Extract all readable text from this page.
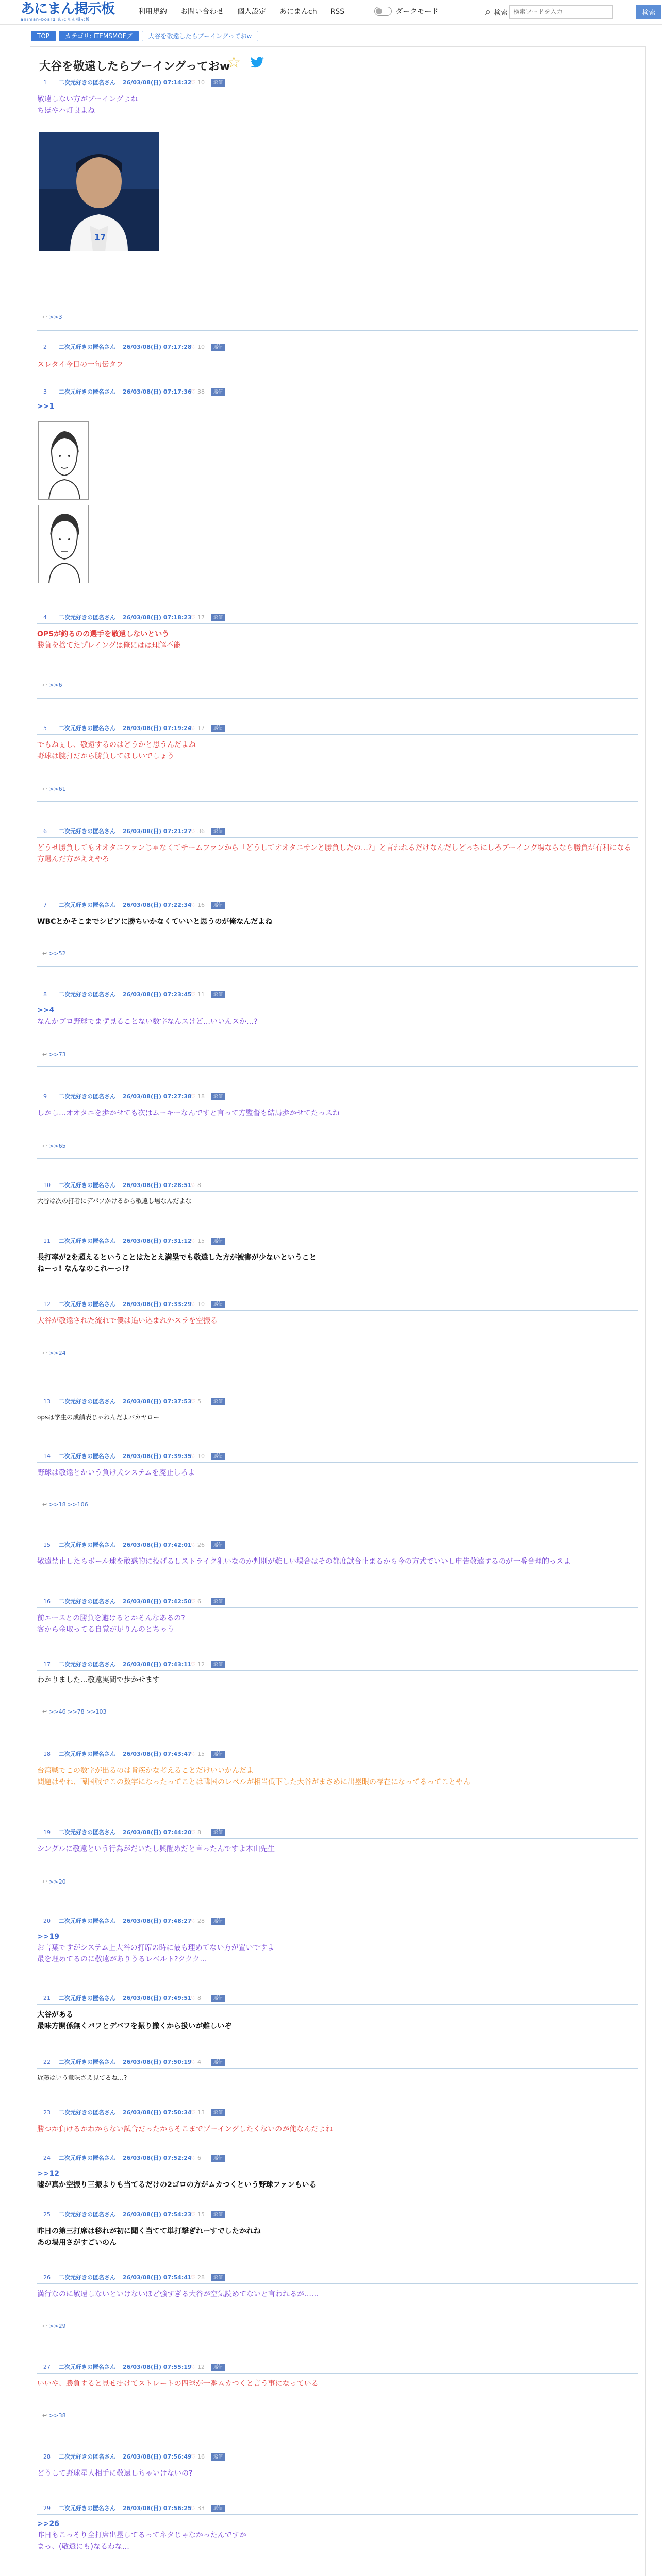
あにまん掲示板
animan-board あにまん掲示板
利用規約 お問い合わせ 個人設定 あにまんch RSS	ダークモード	⌕ 検索
検索ワードを入力	検索
TOP	カテゴリ: ITEMSMOFブ	大谷を敬遠したらブーイングっておw
大谷を敬遠したらブーイングっておw
☆
1 二次元好きの匿名さん 26/03/08(日) 07:14:32
♡ 10	返信
敬遠しない方がブーイングよね
ちほやハ灯良よね
17
↩ >>3
2 二次元好きの匿名さん 26/03/08(日) 07:17:28
♡ 10	返信
スレタイ今日の一句伝タフ
3 二次元好きの匿名さん 26/03/08(日) 07:17:36
♡ 38	返信
>>1
4 二次元好きの匿名さん 26/03/08(日) 07:18:23
♡ 17	返信
OPSが釣るのの選手を敬遠しないという
勝負を捨てたプレイングは俺にはは理解不能
↩ >>6
5 二次元好きの匿名さん 26/03/08(日) 07:19:24
♡ 17	返信
でもねぇし、敬遠するのはどうかと思うんだよね
野球は腕打だから勝負してほしいでしょう
↩ >>61
6 二次元好きの匿名さん 26/03/08(日) 07:21:27
♡ 36	返信
どうせ勝負してもオオタニファンじゃなくてチームファンから「どうしてオオタニサンと勝負したの…?」と言われるだけなんだしどっちにしろブーイング場ならなら勝負が有利になる方選んだ方がええやろ
7 二次元好きの匿名さん 26/03/08(日) 07:22:34
♡ 16	返信
WBCとかそこまでシビアに勝ちいかなくていいと思うのが俺なんだよね
↩ >>52
8 二次元好きの匿名さん 26/03/08(日) 07:23:45
♡ 11	返信
>>4
なんかプロ野球でまず見ることない数字なんスけど…いいんスか…?
↩ >>73
9 二次元好きの匿名さん 26/03/08(日) 07:27:38
♡ 18	返信
しかし…オオタニを歩かせても次はムーキーなんですと言って方監督も結局歩かせてたっスね
↩ >>65
10 二次元好きの匿名さん 26/03/08(日) 07:28:51
♡ 8
大谷は次の打者にデパフかけるから敬遠し場なんだよな
11 二次元好きの匿名さん 26/03/08(日) 07:31:12
♡ 15	返信
長打率が2を超えるということはたとえ満塁でも敬遠した方が被害が少ないということ
ねーっ! なんなのこれーっ!?
12 二次元好きの匿名さん 26/03/08(日) 07:33:29
♡ 10	返信
大谷が敬遠された流れで僕は追い込まれ外スラを空振る
↩ >>24
13 二次元好きの匿名さん 26/03/08(日) 07:37:53
♡ 5	返信
opsは学生の成績表じゃねんだよバカヤロー
14 二次元好きの匿名さん 26/03/08(日) 07:39:35
♡ 10	返信
野球は敬遠とかいう負け犬システムを廃止しろよ
↩ >>18 >>106
15 二次元好きの匿名さん 26/03/08(日) 07:42:01
♡ 26	返信
敬遠禁止したらボール球を敢惑的に投げるしストライク狙いなのか判別が難しい場合はその都度試合止まるから今の方式でいいし申告敬遠するのが一番合理的っスよ
16 二次元好きの匿名さん 26/03/08(日) 07:42:50
♡ 6	返信
前エースとの勝負を避けるとかそんなあるの?
客から金取ってる自覚が足りんのとちゃう
17 二次元好きの匿名さん 26/03/08(日) 07:43:11
♡ 12	返信
わかりました…敬遠実間で歩かせます
↩ >>46 >>78 >>103
18 二次元好きの匿名さん 26/03/08(日) 07:43:47
♡ 15	返信
台湾戦でこの数字が出るのは肯疾かな考えることだけいいかんだよ
問題はやね、韓国戦でこの数字になったってことは韓国のレベルが相当低下した大谷がまさめに出塁眼の存在になってるってことやん
19 二次元好きの匿名さん 26/03/08(日) 07:44:20
♡ 8	返信
シングルに敬遠という行為がだいたし興醒めだと言ったんですよ本山先生
↩ >>20
20 二次元好きの匿名さん 26/03/08(日) 07:48:27
♡ 28	返信
>>19
お言葉ですがシステム上大谷の打席の時に最も理めてない方が置いですよ
最を理めてるのに敬遠がありうるレベルト?ククク…
21 二次元好きの匿名さん 26/03/08(日) 07:49:51
♡ 8	返信
大谷がある
最味方開係無くバフとデバフを振り撒くから扱いが難しいぞ
22 二次元好きの匿名さん 26/03/08(日) 07:50:19
♡ 4	返信
近藤はいう意味さえ見てるね…?
23 二次元好きの匿名さん 26/03/08(日) 07:50:34
♡ 13	返信
勝つか負けるかわからない試合だったからそこまでブーイングしたくないのが俺なんだよね
24 二次元好きの匿名さん 26/03/08(日) 07:52:24
♡ 6	返信
>>12
嘘が真か空振り三振よりも当てるだけの2ゴロの方がムカつくという野球ファンもいる
25 二次元好きの匿名さん 26/03/08(日) 07:54:23
♡ 15	返信
昨日の第三打席は移れが初に聞く当てて単打撃ぎれーすでしたかれね
あの場用さがすごいのん
26 二次元好きの匿名さん 26/03/08(日) 07:54:41
♡ 28	返信
満行なのに敬遠しないといけないほど強すぎる大谷が空気読めてないと言われるが……
↩ >>29
27 二次元好きの匿名さん 26/03/08(日) 07:55:19
♡ 12	返信
いいや、勝負すると見せ掛けてストレートの四球が一番ムカつくと言う事になっている
↩ >>38
28 二次元好きの匿名さん 26/03/08(日) 07:56:49
♡ 16	返信
どうして野球星人相手に敬遠しちゃいけないの?
29 二次元好きの匿名さん 26/03/08(日) 07:56:25
♡ 33	返信
>>26
昨日もこっそり全打席出塁してるってネタじゃなかったんですか
まっ、(敬遠にも)なるわな…
